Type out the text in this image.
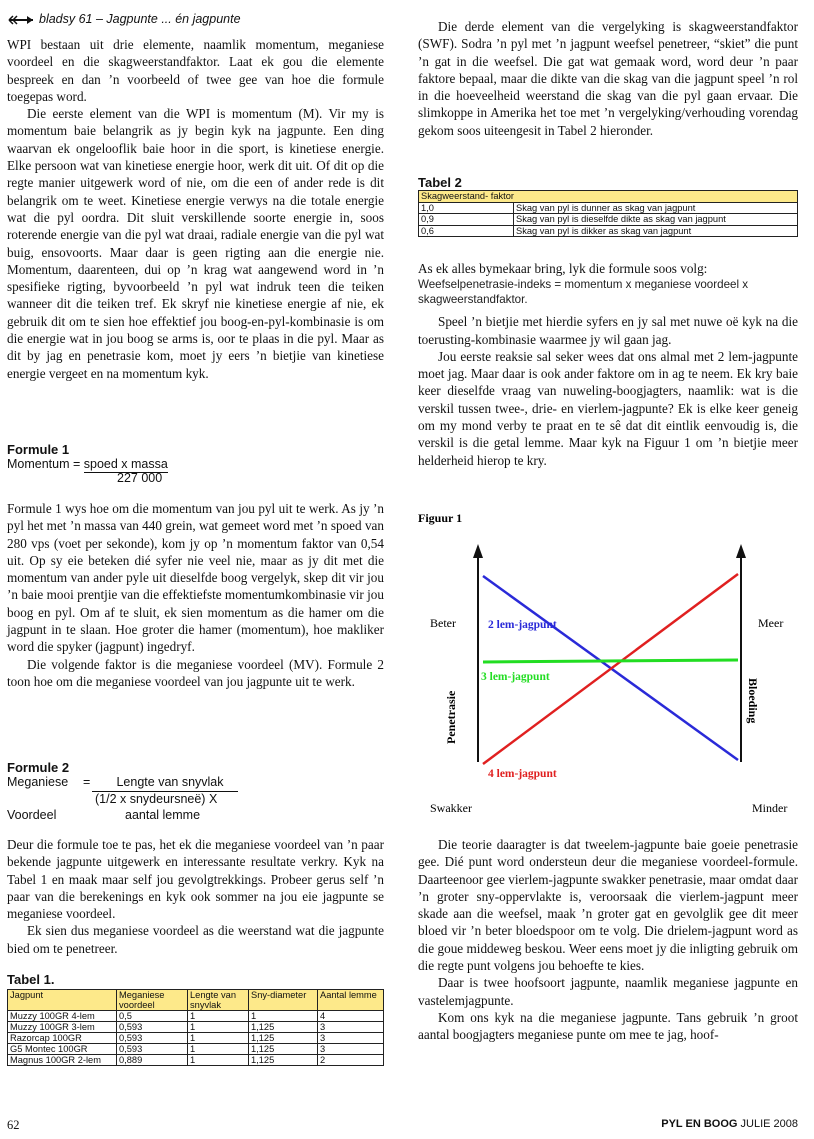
bladsy 61 – Jagpunte ... én jagpunte

WPI bestaan uit drie elemente, naamlik momentum, meganiese voordeel en die skagweerstandfaktor. Laat ek gou die elemente bespreek en dan ’n voorbeeld of twee gee van hoe die formule toegepas word.

Die eerste element van die WPI is momentum (M). Vir my is momentum baie belangrik as jy begin kyk na jagpunte. Een ding waarvan ek ongelooflik baie hoor in die sport, is kinetiese energie. Elke persoon wat van kinetiese energie hoor, werk dit uit. Of dit op die regte manier uitgewerk word of nie, om die een of ander rede is dit belangrik om te weet. Kinetiese energie verwys na die totale energie wat die pyl oordra. Dit sluit verskillende soorte energie in, soos roterende energie van die pyl wat draai, radiale energie van die pyl wat buig, ensovoorts. Maar daar is geen rigting aan die energie nie. Momentum, daarenteen, dui op ’n krag wat aangewend word in ’n spesifieke rigting, byvoorbeeld ’n pyl wat indruk teen die teiken wanneer dit die teiken tref. Ek skryf nie kinetiese energie af nie, ek gebruik dit om te sien hoe effektief jou boog-en-pyl-kombinasie is om die energie wat in jou boog se arms is, oor te plaas in die pyl. Maar as dit by jag en penetrasie kom, moet jy eers ’n bietjie van kinetiese energie vergeet en na momentum kyk.

Formule 1
Momentum = spoed x massa
227 000

Formule 1 wys hoe om die momentum van jou pyl uit te werk. As jy ’n pyl het met ’n massa van 440 grein, wat gemeet word met ’n spoed van 280 vps (voet per sekonde), kom jy op ’n momentum faktor van 0,54 uit. Op sy eie beteken dié syfer nie veel nie, maar as jy dit met die momentum van ander pyle uit dieselfde boog vergelyk, skep dit vir jou ’n baie mooi prentjie van die effektiefste momentumkombinasie vir jou boog en pyl. Om af te sluit, ek sien momentum as die hamer om die jagpunt in te slaan. Hoe groter die hamer (momentum), hoe makliker word die spyker (jagpunt) ingedryf.

Die volgende faktor is die meganiese voordeel (MV). Formule 2 toon hoe om die meganiese voordeel van jou jagpunte uit te werk.

Formule 2
Meganiese =	Lengte van snyvlak
(1/2 x snydeursneë) X
Voordeel	aantal lemme

Deur die formule toe te pas, het ek die meganiese voordeel van ’n paar bekende jagpunte uitgewerk en interessante resultate verkry. Kyk na Tabel 1 en maak maar self jou gevolgtrekkings. Probeer gerus self ’n paar van die berekenings en kyk ook sommer na jou eie jagpunte se meganiese voordeel.

Ek sien dus meganiese voordeel as die weerstand wat die jagpunte bied om te penetreer.

Tabel 1.
Jagpunt	Meganiese voordeel	Lengte van snyvlak	Sny-diameter	Aantal lemme
Muzzy 100GR 4-lem	0,5	1	1	4
Muzzy 100GR 3-lem	0,593	1	1,125	3
Razorcap 100GR	0,593	1	1,125	3
G5 Montec 100GR	0,593	1	1,125	3
Magnus 100GR 2-lem	0,889	1	1,125	2

Die derde element van die vergelyking is skagweerstandfaktor (SWF). Sodra ’n pyl met ’n jagpunt weefsel penetreer, “skiet” die punt ’n gat in die weefsel. Die gat wat gemaak word, word deur ’n paar faktore bepaal, maar die dikte van die skag van die jagpunt speel ’n rol in die hoeveelheid weerstand die skag van die pyl gaan ervaar. Die slimkoppe in Amerika het toe met ’n vergelyking/verhouding vorendag gekom soos uiteengesit in Tabel 2 hieronder.

Tabel 2
Skagweerstand- faktor	
1,0	Skag van pyl is dunner as skag van jagpunt
0,9	Skag van pyl is dieselfde dikte as skag van jagpunt
0,6	Skag van pyl is dikker as skag van jagpunt

As ek alles bymekaar bring, lyk die formule soos volg:

Weefselpenetrasie-indeks = momentum x meganiese voordeel x skagweerstandfaktor.

Speel ’n bietjie met hierdie syfers en jy sal met nuwe oë kyk na die toerusting-kombinasie waarmee jy wil gaan jag.

Jou eerste reaksie sal seker wees dat ons almal met 2 lem-jagpunte moet jag. Maar daar is ook ander faktore om in ag te neem. Ek kry baie keer dieselfde vraag van nuweling-boogjagters, naamlik: wat is die verskil tussen twee-, drie- en vierlem-jagpunte? Ek is elke keer geneig om my mond verby te praat en te sê dat dit eintlik eenvoudig is, die verskil is die getal lemme. Maar kyk na Figuur 1 om ’n bietjie meer helderheid hierop te kry.

Figuur 1
Beter	Meer
Swakker	Minder
Penetrasie	Bloeding
2 lem-jagpunt
3 lem-jagpunt
4 lem-jagpunt

Die teorie daaragter is dat tweelem-jagpunte baie goeie penetrasie gee. Dié punt word ondersteun deur die meganiese voordeel-formule. Daarteenoor gee vierlem-jagpunte swakker penetrasie, maar omdat daar ’n groter sny-oppervlakte is, veroorsaak die vierlem-jagpunt meer skade aan die weefsel, maak ’n groter gat en gevolglik gee dit meer bloed vir ’n beter bloedspoor om te volg. Die drielem-jagpunt word as die goue middeweg beskou. Weer eens moet jy die inligting gebruik om die regte punt volgens jou behoefte te kies.

Daar is twee hoofsoort jagpunte, naamlik meganiese jagpunte en vastelemjagpunte.

Kom ons kyk na die meganiese jagpunte. Tans gebruik ’n groot aantal boogjagters meganiese punte om mee te jag, hoof-

62	PYL EN BOOG JULIE 2008
